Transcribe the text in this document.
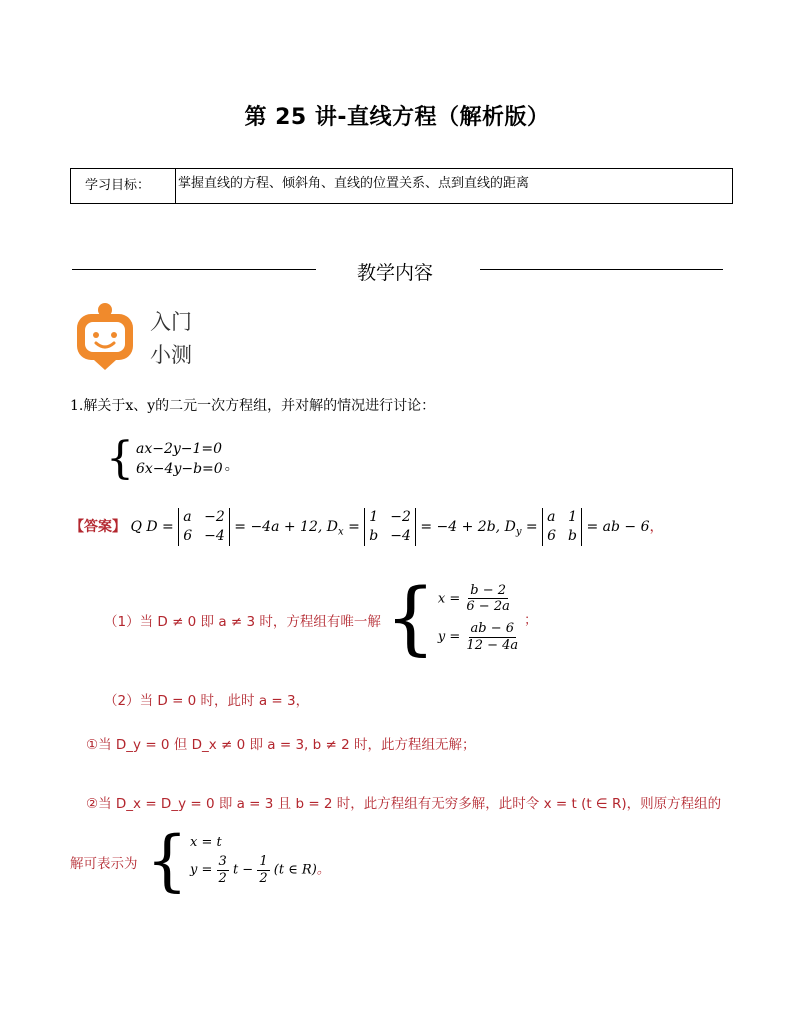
第 25 讲-直线方程（解析版）
学习目标：	掌握直线的方程、倾斜角、直线的位置关系、点到直线的距离
教学内容
入门
小测
1.解关于x、y的二元一次方程组，并对解的情况进行讨论：
{ ax−2y−1=0
6x−4y−b=0 。
【答案】 Q D =
a −2
6 −4
= −4a + 12, $D_x$ =
1 −2
b −4
= −4 + 2b, $D_y$ =
a 1
6 b
= ab − 6，
（1）当 D ≠ 0 即 a ≠ 3 时，方程组有唯一解 { $x = \frac{b - 2}{6 - 2a}$
$y = \frac{ab - 6}{12 - 4a}$
；
（2）当 D = 0 时，此时 a = 3，
①当 D_y = 0 但 D_x ≠ 0 即 a = 3, b ≠ 2 时，此方程组无解；
②当 D_x = D_y = 0 即 a = 3 且 b = 2 时，此方程组有无穷多解，此时令 x = t (t ∈ R)，则原方程组的
解可表示为 { x = t
$y = \frac{3}{2}$ $t - \frac{1}{2} (t$ ∈ R)。
